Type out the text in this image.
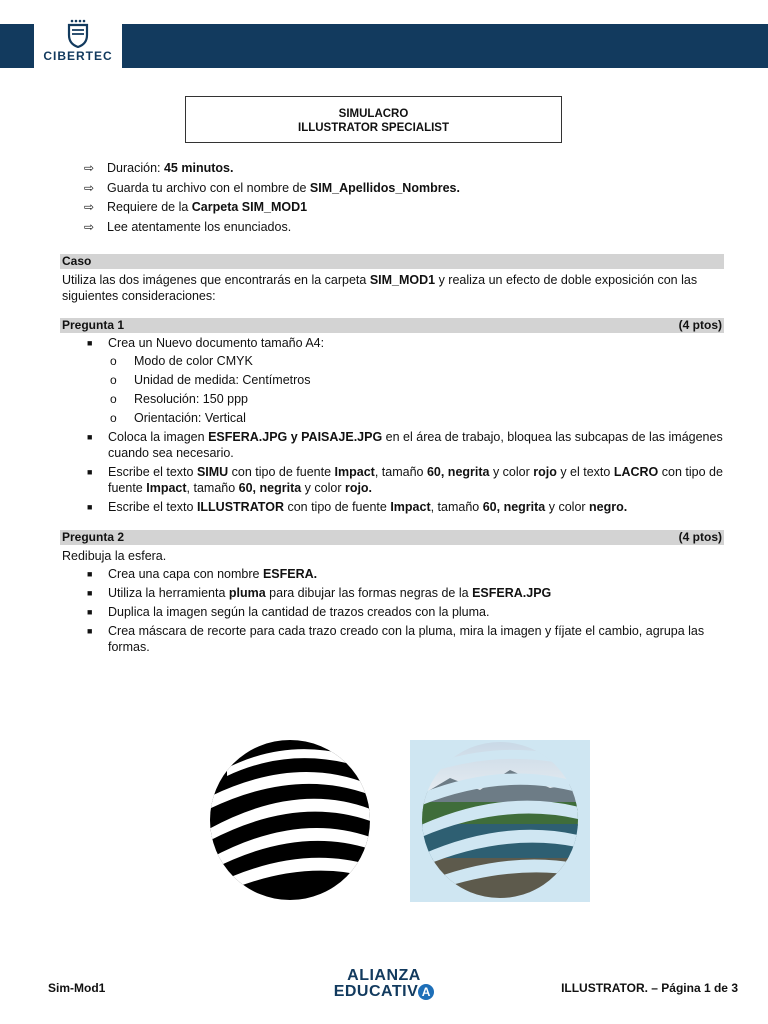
CIBERTEC
SIMULACRO
ILLUSTRATOR SPECIALIST
⇨ Duración: 45 minutos.
⇨ Guarda tu archivo con el nombre de SIM_Apellidos_Nombres.
⇨ Requiere de la Carpeta SIM_MOD1
⇨ Lee atentamente los enunciados.
Caso
Utiliza las dos imágenes que encontrarás en la carpeta SIM_MOD1 y realiza un efecto de doble exposición con las siguientes consideraciones:
Pregunta 1	(4 ptos)
■ Crea un Nuevo documento tamaño A4:
o Modo de color CMYK
o Unidad de medida: Centímetros
o Resolución: 150 ppp
o Orientación: Vertical
■ Coloca la imagen ESFERA.JPG y PAISAJE.JPG en el área de trabajo, bloquea las subcapas de las imágenes cuando sea necesario.
■ Escribe el texto SIMU con tipo de fuente Impact, tamaño 60, negrita y color rojo y el texto LACRO con tipo de fuente Impact, tamaño 60, negrita y color rojo.
■ Escribe el texto ILLUSTRATOR con tipo de fuente Impact, tamaño 60, negrita y color negro.
Pregunta 2	(4 ptos)
Redibuja la esfera.
■ Crea una capa con nombre ESFERA.
■ Utiliza la herramienta pluma para dibujar las formas negras de la ESFERA.JPG
■ Duplica la imagen según la cantidad de trazos creados con la pluma.
■ Crea máscara de recorte para cada trazo creado con la pluma, mira la imagen y fíjate el cambio, agrupa las formas.
Sim-Mod1
ALIANZA
EDUCATIV A	ILLUSTRATOR. – Página 1 de 3
